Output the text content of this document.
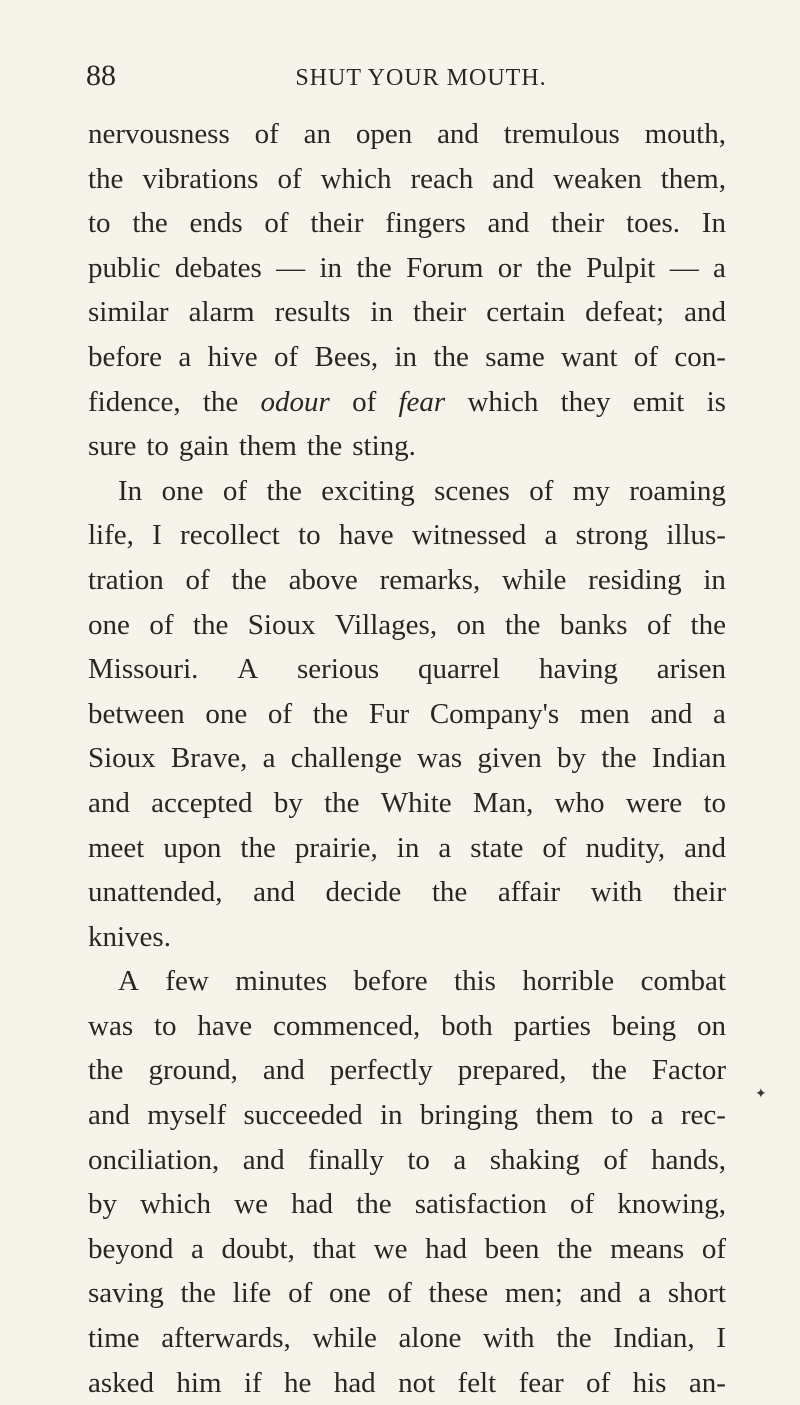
88	SHUT YOUR MOUTH.
nervousness of an open and tremulous mouth,
the vibrations of which reach and weaken them,
to the ends of their fingers and their toes. In
public debates — in the Forum or the Pulpit — a
similar alarm results in their certain defeat; and
before a hive of Bees, in the same want of con-
fidence, the odour of fear which they emit is
sure to gain them the sting.
In one of the exciting scenes of my roaming
life, I recollect to have witnessed a strong illus-
tration of the above remarks, while residing in
one of the Sioux Villages, on the banks of the
Missouri. A serious quarrel having arisen
between one of the Fur Company's men and a
Sioux Brave, a challenge was given by the Indian
and accepted by the White Man, who were to
meet upon the prairie, in a state of nudity, and
unattended, and decide the affair with their
knives.
A few minutes before this horrible combat
was to have commenced, both parties being on
the ground, and perfectly prepared, the Factor
and myself succeeded in bringing them to a rec-
onciliation, and finally to a shaking of hands,
by which we had the satisfaction of knowing,
beyond a doubt, that we had been the means of
saving the life of one of these men; and a short
time afterwards, while alone with the Indian, I
asked him if he had not felt fear of his an-
✦
